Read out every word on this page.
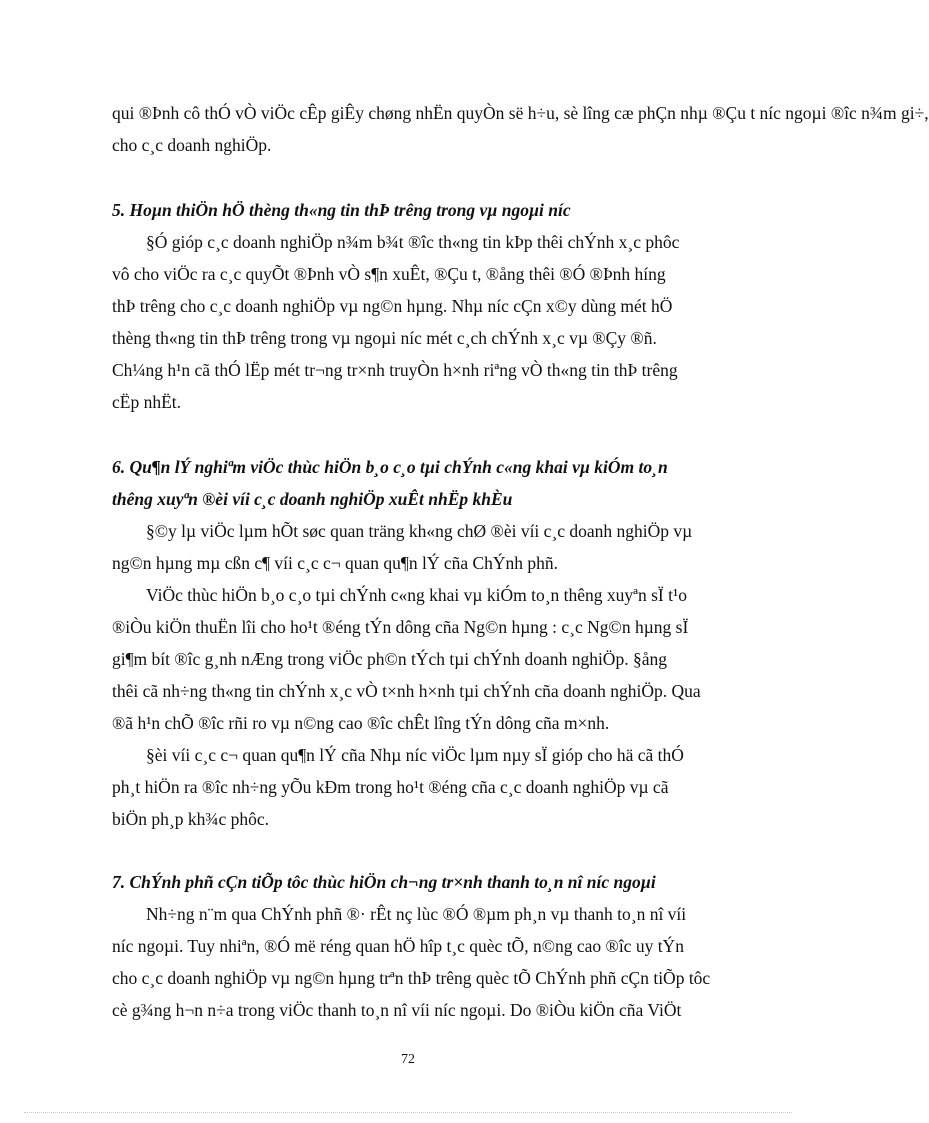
qui ®Þnh cô thÓ vÒ viÖc cÊp giÊy chøng nhËn quyÒn së h÷u, sè lîng cæ phÇn nhµ ®Çu t níc ngoµi ®îc n¾m gi÷,
cho c¸c doanh nghiÖp.
5. Hoµn thiÖn hÖ thèng th«ng tin thÞ trêng trong vµ ngoµi níc
§Ó gióp c¸c doanh nghiÖp n¾m b¾t ®îc th«ng tin kÞp thêi chÝnh x¸c phôc
vô cho viÖc ra c¸c quyÕt ®Þnh vÒ s¶n xuÊt, ®Çu t, ®ång thêi ®Ó ®Þnh híng
thÞ trêng cho c¸c doanh nghiÖp vµ ng©n hµng. Nhµ níc cÇn x©y dùng mét hÖ
thèng th«ng tin thÞ trêng trong vµ ngoµi níc mét c¸ch chÝnh x¸c vµ ®Çy ®ñ.
Ch¼ng h¹n cã thÓ lËp mét tr¬ng tr×nh truyÒn h×nh riªng vÒ th«ng tin thÞ trêng
cËp nhËt.
6. Qu¶n lÝ nghiªm viÖc thùc hiÖn b¸o c¸o tµi chÝnh c«ng khai vµ kiÓm to¸n
thêng xuyªn ®èi víi c¸c doanh nghiÖp xuÊt nhËp khÈu
§©y lµ viÖc lµm hÕt søc quan träng kh«ng chØ ®èi víi c¸c doanh nghiÖp vµ
ng©n hµng mµ cßn c¶ víi c¸c c¬ quan qu¶n lÝ cña ChÝnh phñ.
ViÖc thùc hiÖn b¸o c¸o tµi chÝnh c«ng khai vµ kiÓm to¸n thêng xuyªn sÏ t¹o
®iÒu kiÖn thuËn lîi cho ho¹t ®éng tÝn dông cña Ng©n hµng : c¸c Ng©n hµng sÏ
gi¶m bít ®îc g¸nh nÆng trong viÖc ph©n tÝch tµi chÝnh doanh nghiÖp. §ång
thêi cã nh÷ng th«ng tin chÝnh x¸c vÒ t×nh h×nh tµi chÝnh cña doanh nghiÖp. Qua
®ã h¹n chÕ ®îc rñi ro vµ n©ng cao ®îc chÊt lîng tÝn dông cña m×nh.
§èi víi c¸c c¬ quan qu¶n lÝ cña Nhµ níc viÖc lµm nµy sÏ gióp cho hä cã thÓ
ph¸t hiÖn ra ®îc nh÷ng yÕu kÐm trong ho¹t ®éng cña c¸c doanh nghiÖp vµ cã
biÖn ph¸p kh¾c phôc.
7. ChÝnh phñ cÇn tiÕp tôc thùc hiÖn ch¬ng tr×nh thanh to¸n nî níc ngoµi
Nh÷ng n¨m qua ChÝnh phñ ®· rÊt nç lùc ®Ó ®µm ph¸n vµ thanh to¸n nî víi
níc ngoµi. Tuy nhiªn, ®Ó më réng quan hÖ hîp t¸c quèc tÕ, n©ng cao ®îc uy tÝn
cho c¸c doanh nghiÖp vµ ng©n hµng trªn thÞ trêng quèc tÕ ChÝnh phñ cÇn tiÕp tôc
cè g¾ng h¬n n÷a trong viÖc thanh to¸n nî víi níc ngoµi. Do ®iÒu kiÖn cña ViÖt
72
